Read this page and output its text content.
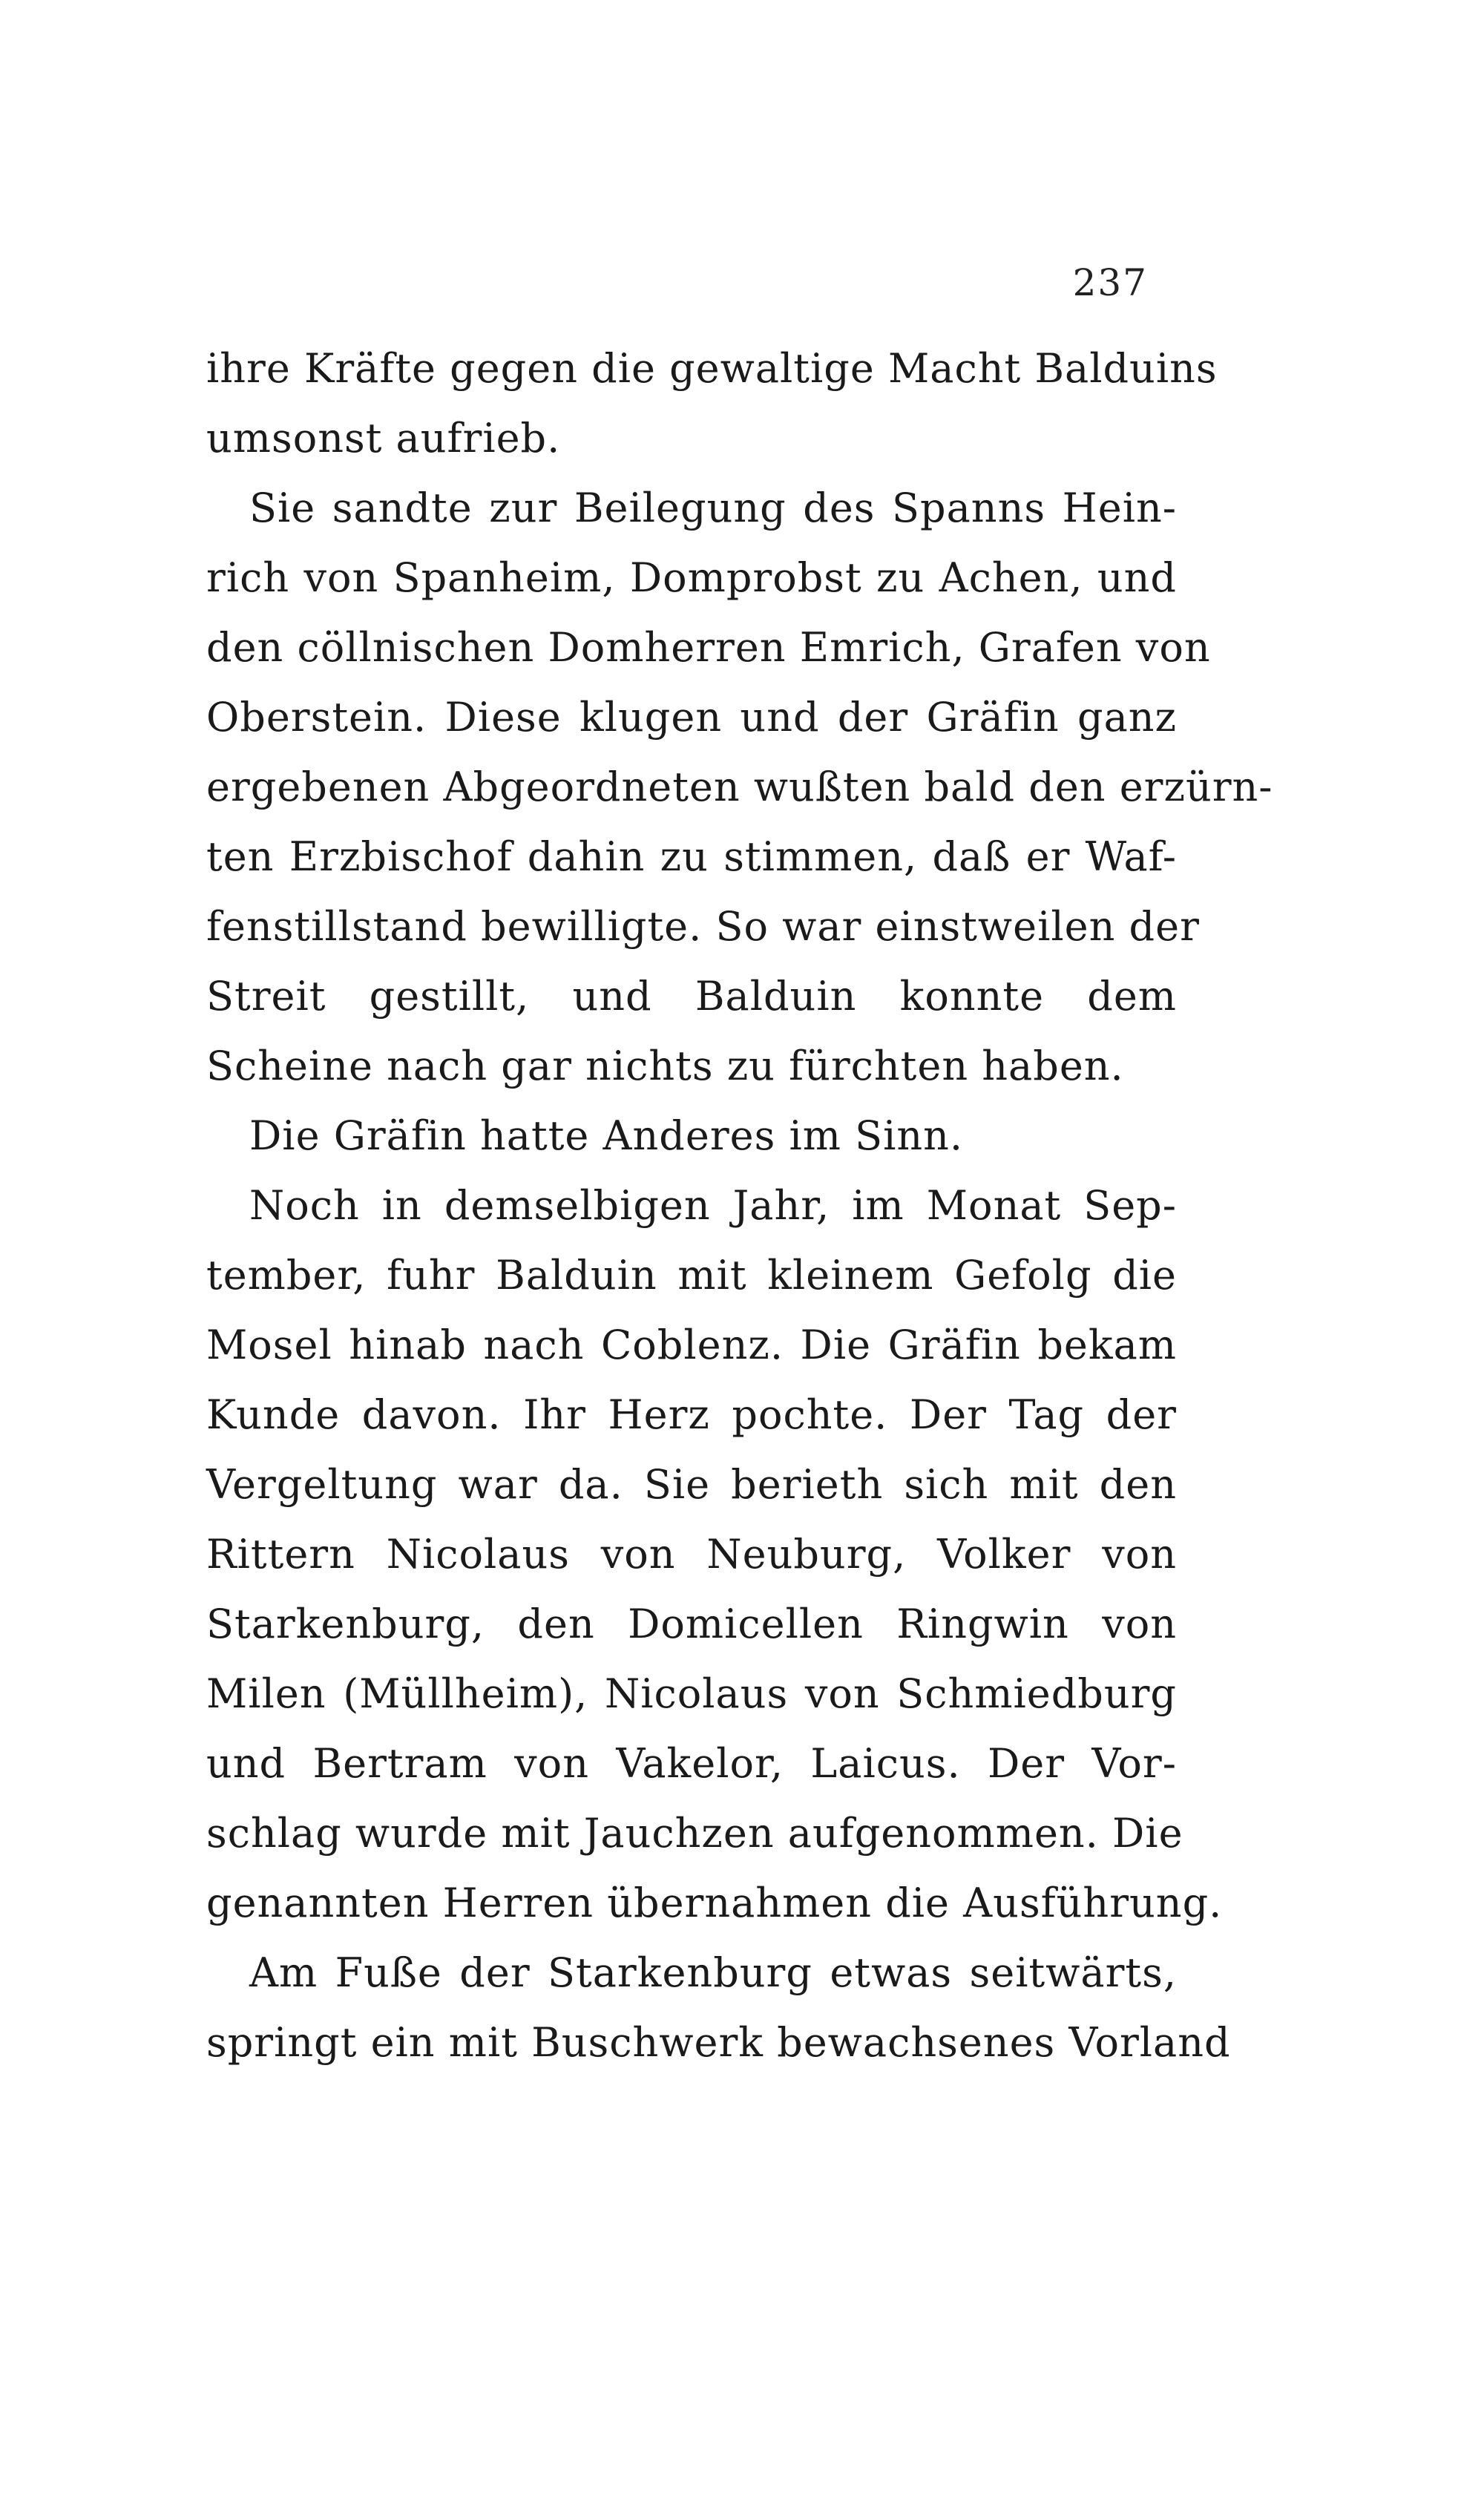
237
ihre Kräfte gegen die gewaltige Macht Balduins
umsonst aufrieb.
Sie sandte zur Beilegung des Spanns Hein-
rich von Spanheim, Domprobst zu Achen, und
den cöllnischen Domherren Emrich, Grafen von
Oberstein. Diese klugen und der Gräfin ganz
ergebenen Abgeordneten wußten bald den erzürn-
ten Erzbischof dahin zu stimmen, daß er Waf-
fenstillstand bewilligte. So war einstweilen der
Streit gestillt, und Balduin konnte dem
Scheine nach gar nichts zu fürchten haben.
Die Gräfin hatte Anderes im Sinn.
Noch in demselbigen Jahr, im Monat Sep-
tember, fuhr Balduin mit kleinem Gefolg die
Mosel hinab nach Coblenz. Die Gräfin bekam
Kunde davon. Ihr Herz pochte. Der Tag der
Vergeltung war da. Sie berieth sich mit den
Rittern Nicolaus von Neuburg, Volker von
Starkenburg, den Domicellen Ringwin von
Milen (Müllheim), Nicolaus von Schmiedburg
und Bertram von Vakelor, Laicus. Der Vor-
schlag wurde mit Jauchzen aufgenommen. Die
genannten Herren übernahmen die Ausführung.
Am Fuße der Starkenburg etwas seitwärts,
springt ein mit Buschwerk bewachsenes Vorland
